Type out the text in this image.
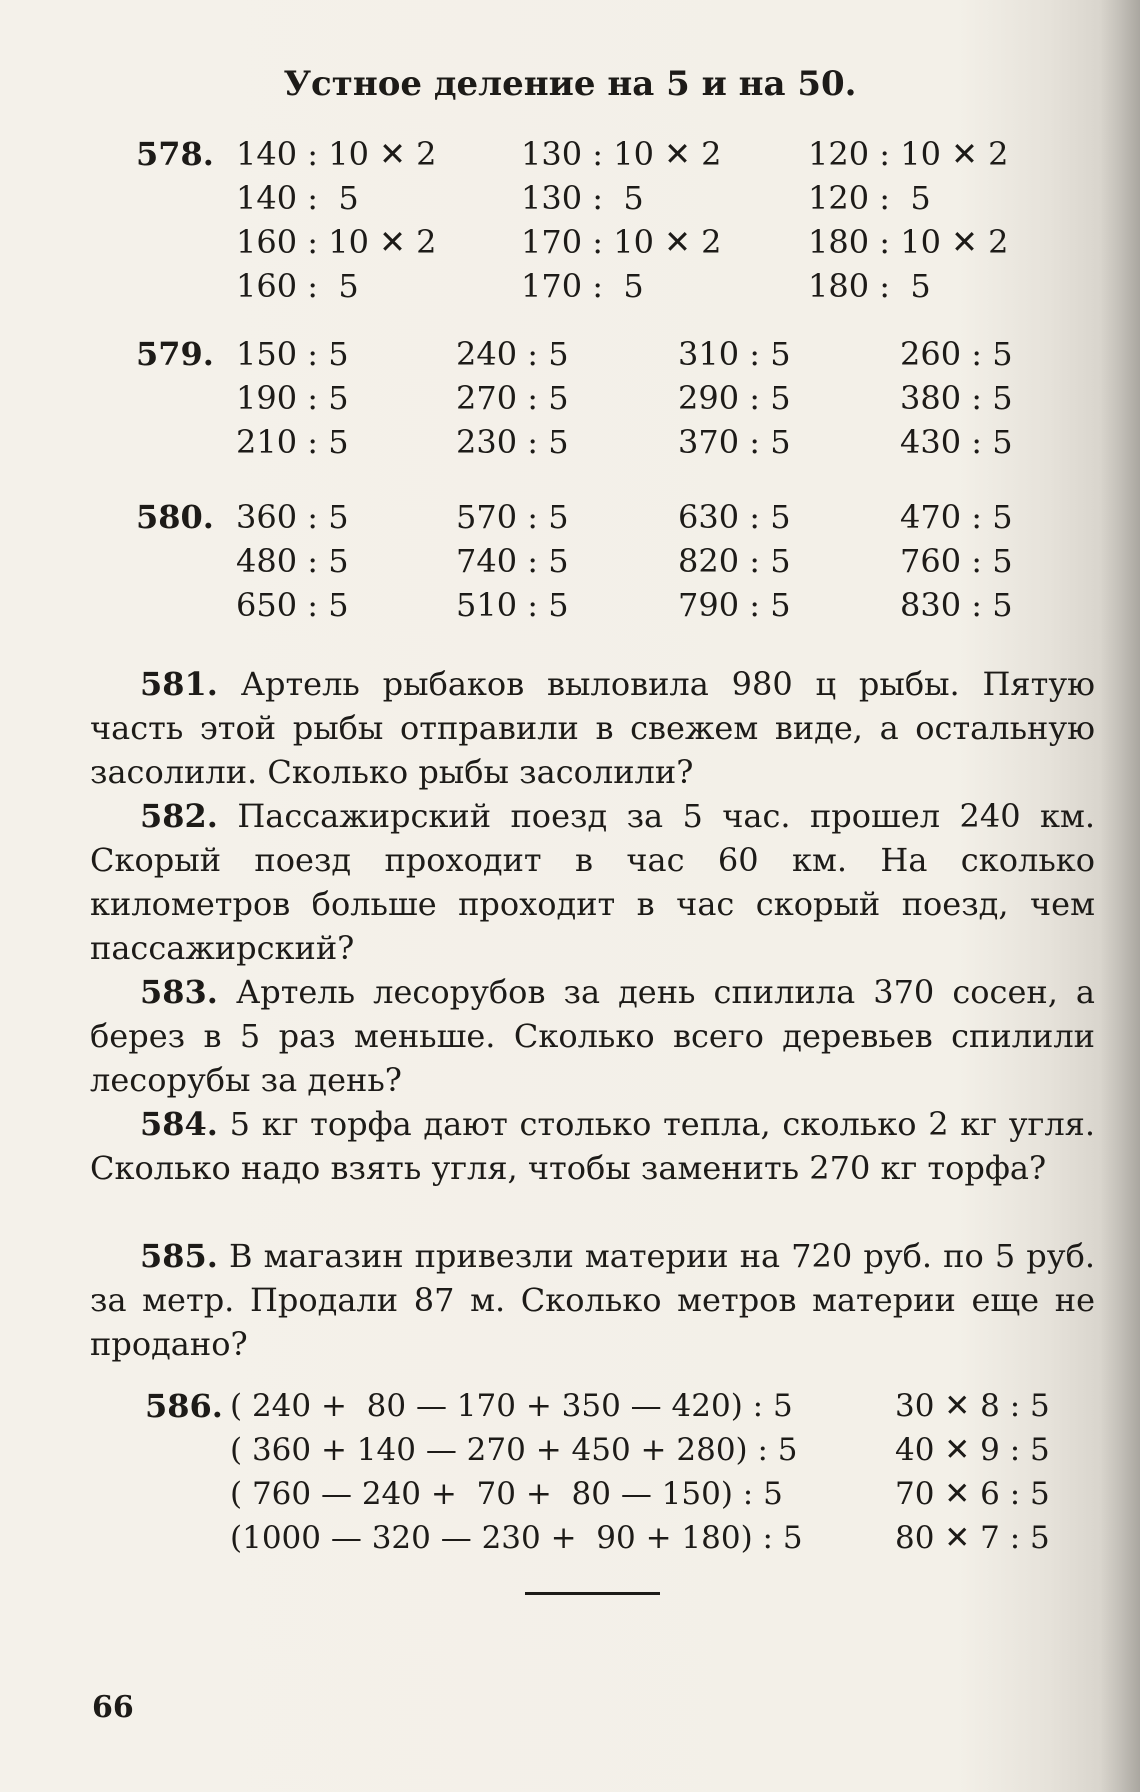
Устное деление на 5 и на 50.
578. 140 : 10 ✕ 2
140 :  5
160 : 10 ✕ 2
160 :  5
130 : 10 ✕ 2
130 :  5
170 : 10 ✕ 2
170 :  5
120 : 10 ✕ 2
120 :  5
180 : 10 ✕ 2
180 :  5
579. 150 : 5
190 : 5
210 : 5
240 : 5
270 : 5
230 : 5
310 : 5
290 : 5
370 : 5
260 : 5
380 : 5
430 : 5
580. 360 : 5
480 : 5
650 : 5
570 : 5
740 : 5
510 : 5
630 : 5
820 : 5
790 : 5
470 : 5
760 : 5
830 : 5
581. Артель рыбаков выловила 980 ц рыбы. Пятую часть этой рыбы отправили в свежем виде, а остальную засолили. Сколько рыбы засолили?
582. Пассажирский поезд за 5 час. прошел 240 км. Скорый поезд проходит в час 60 км. На сколько километров больше проходит в час скорый поезд, чем пассажирский?
583. Артель лесорубов за день спилила 370 сосен, а берез в 5 раз меньше. Сколько всего деревьев спилили лесорубы за день?
584. 5 кг торфа дают столько тепла, сколько 2 кг угля. Сколько надо взять угля, чтобы заменить 270 кг торфа?
585. В магазин привезли материи на 720 руб. по 5 руб. за метр. Продали 87 м. Сколько метров материи еще не продано?
586. ( 240 +  80 — 170 + 350 — 420) : 5
( 360 + 140 — 270 + 450 + 280) : 5
( 760 — 240 +  70 +  80 — 150) : 5
(1000 — 320 — 230 +  90 + 180) : 5
30 ✕ 8 : 5
40 ✕ 9 : 5
70 ✕ 6 : 5
80 ✕ 7 : 5
66
